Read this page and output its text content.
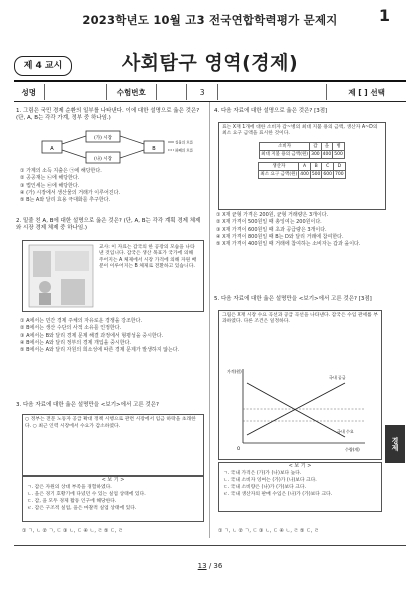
2023학년도 10월 고3 전국연합학력평가 문제지	1
제 4 교시	사회탐구 영역(경제)
성명	수험번호	3	제 [ ] 선택
1. 그림은 국민 경제 순환의 일부를 나타낸다. 이에 대한 설명으로 옳은 것은? (단, A, B는 각각 가계, 정부 중 하나임.)
A
(가) 시장
(나) 시장
B
실물의 흐름
화폐의 흐름
① 가계의 소득 지출은 ㉠에 해당한다.
② 공공재는 ㉡에 해당한다.
③ 법인세는 ㉢에 해당한다.
④ (가) 시장에서 생산물의 거래가 이루어진다.
⑤ B는 A와 달리 효용 극대화를 추구한다.
2. 밑줄 친 A, B에 대한 설명으로 옳은 것은? (단, A, B는 각각 계획 경제 체제와 시장 경제 체제 중 하나임.)
교사: 이 자료는 갑국의 한 공장의 모습을 나타낸 것입니다. 갑국은 생산 목표가 국가에 의해 주어지는 A 체제에서 시장 가격에 의해 자원 배분이 이루어지는 B 체제로 전환하고 있습니다.
① A에서는 민간 경제 주체의 자유로운 경쟁을 강조한다.
② B에서는 생산 수단의 사적 소유를 인정한다.
③ A에서는 B와 달리 경제 문제 해결 과정에서 형평성을 중시한다.
④ B에서는 A와 달리 정부의 경제 개입을 중시한다.
⑤ B에서는 A와 달리 자원의 희소성에 따른 경제 문제가 발생하지 않는다.
3. 다음 자료에 대한 옳은 설명만을 <보기>에서 고른 것은?
○ 정부는 전문 노동자 공급 확대 정책 시행으로 관련 시장에서 임금 하락을 초래한다. ○ 최근 인력 시장에서 수요가 감소하였다.
< 보 기 >
ㄱ. 갑은 자원의 상대 부족을 경험하였다.
ㄴ. 을은 경기 호황기에 다녔던 수 있는 실업 상태에 있다.
ㄷ. 갑, 을 모두 경제 활동 인구에 해당한다.
ㄹ. 갑은 구조적 실업, 을은 마찰적 실업 상태에 있다.
① ㄱ, ㄴ ② ㄱ, ㄷ ③ ㄴ, ㄷ ④ ㄴ, ㄹ ⑤ ㄷ, ㄹ
4. 다음 자료에 대한 설명으로 옳은 것은? [3점]
표는 X재 1개에 대한 소비자 갑~병의 최대 지불 용의 금액, 생산자 A~D의 최소 요구 금액을 표시한 것이다.
소비자	갑	을	병
최대 지불 용의 금액(원)	300	400	500
생산자	A	B	C	D
최소 요구 금액(원)	400	500	600	700
① X재 균형 가격은 200원, 균형 거래량은 3개이다.
② X재 가격이 500원일 때 총잉여는 200원이다.
③ X재 가격이 600원일 때 초과 공급량은 3개이다.
④ X재 가격이 800원일 때 B는 D와 달리 거래에 참여한다.
⑤ X재 가격이 400원일 때 거래에 참여하는 소비자는 갑과 을이다.
5. 다음 자료에 대한 옳은 설명만을 <보기>에서 고른 것은? [3점]
그림은 X재 시장 수요 곡선과 공급 곡선을 나타낸다. 갑국은 수입 관세를 부과하였다. 다른 조건은 일정하다.
가격(원)
수량(개)
O
국내 공급
국내 수요
< 보 기 >
ㄱ. 국내 가격은 (가)가 (나)보다 높다.
ㄴ. 국내 소비자 잉여는 (가)가 (나)보다 크다.
ㄷ. 국내 소비량은 (나)가 (가)보다 크다.
ㄹ. 국내 생산자의 판매 수입은 (나)가 (가)보다 크다.
① ㄱ, ㄴ ② ㄱ, ㄷ ③ ㄴ, ㄷ ④ ㄴ, ㄹ ⑤ ㄷ, ㄹ
경제
13 / 36
